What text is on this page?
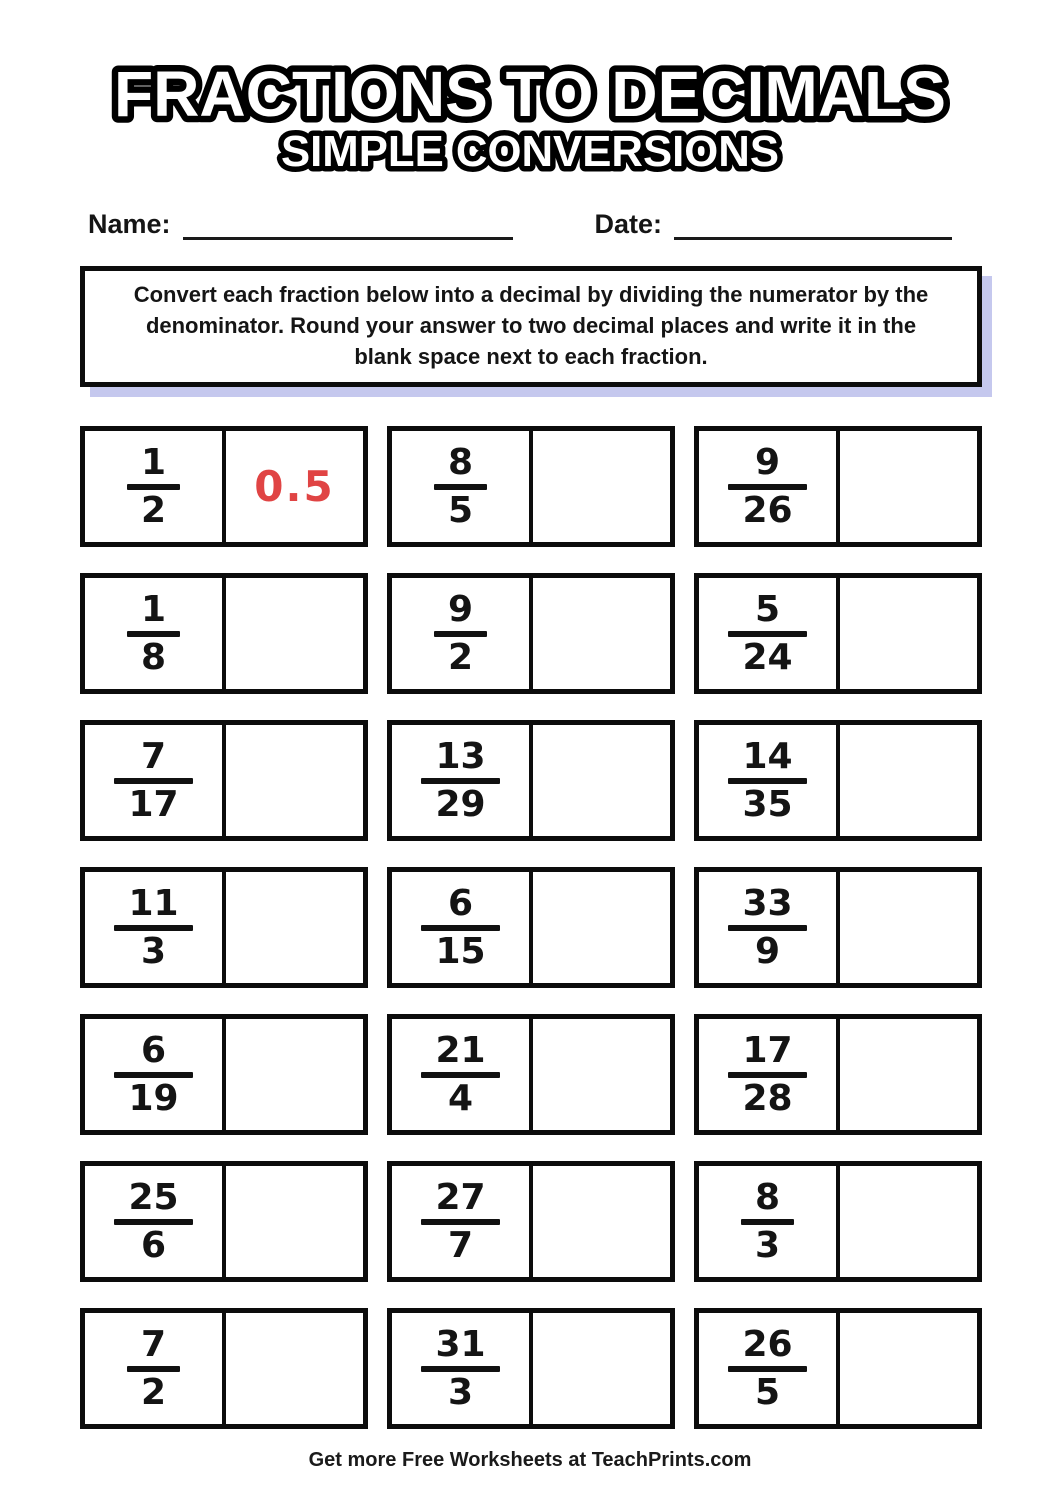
FRACTIONS TO DECIMALS
SIMPLE CONVERSIONS
Name:	Date:
Convert each fraction below into a decimal by dividing the numerator by the
denominator. Round your answer to two decimal places and write it in the
blank space next to each fraction.
1
2 0.5	8
5
9
26
1
8
9
2
5
24
7
17
13
29
14
35
11
3
6
15
33
9
6
19
21
4
17
28
25
6
27
7
8
3
7
2
31
3
26
5
Get more Free Worksheets at TeachPrints.com
